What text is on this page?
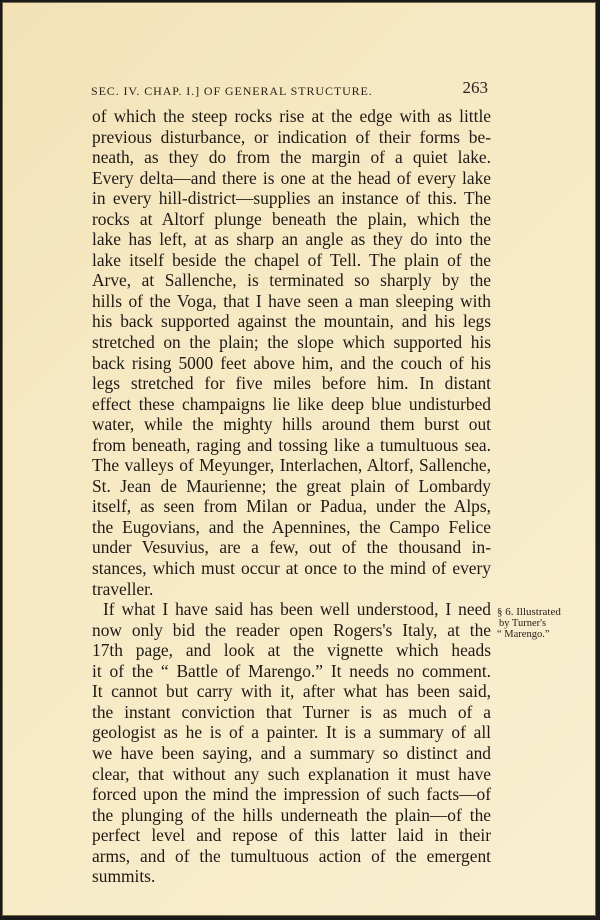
SEC. IV. CHAP. I.] OF GENERAL STRUCTURE.	263
of which the steep rocks rise at the edge with as little
previous disturbance, or indication of their forms be-
neath, as they do from the margin of a quiet lake.
Every delta—and there is one at the head of every lake
in every hill-district—supplies an instance of this. The
rocks at Altorf plunge beneath the plain, which the
lake has left, at as sharp an angle as they do into the
lake itself beside the chapel of Tell. The plain of the
Arve, at Sallenche, is terminated so sharply by the
hills of the Voga, that I have seen a man sleeping with
his back supported against the mountain, and his legs
stretched on the plain; the slope which supported his
back rising 5000 feet above him, and the couch of his
legs stretched for five miles before him. In distant
effect these champaigns lie like deep blue undisturbed
water, while the mighty hills around them burst out
from beneath, raging and tossing like a tumultuous sea.
The valleys of Meyunger, Interlachen, Altorf, Sallenche,
St. Jean de Maurienne; the great plain of Lombardy
itself, as seen from Milan or Padua, under the Alps,
the Eugovians, and the Apennines, the Campo Felice
under Vesuvius, are a few, out of the thousand in-
stances, which must occur at once to the mind of every
traveller.
If what I have said has been well understood, I need
now only bid the reader open Rogers's Italy, at the
17th page, and look at the vignette which heads
it of the “ Battle of Marengo.” It needs no comment.
It cannot but carry with it, after what has been said,
the instant conviction that Turner is as much of a
geologist as he is of a painter. It is a summary of all
we have been saying, and a summary so distinct and
clear, that without any such explanation it must have
forced upon the mind the impression of such facts—of
the plunging of the hills underneath the plain—of the
perfect level and repose of this latter laid in their
arms, and of the tumultuous action of the emergent
summits.
§ 6. Illustrated
by Turner's
“ Marengo.”
